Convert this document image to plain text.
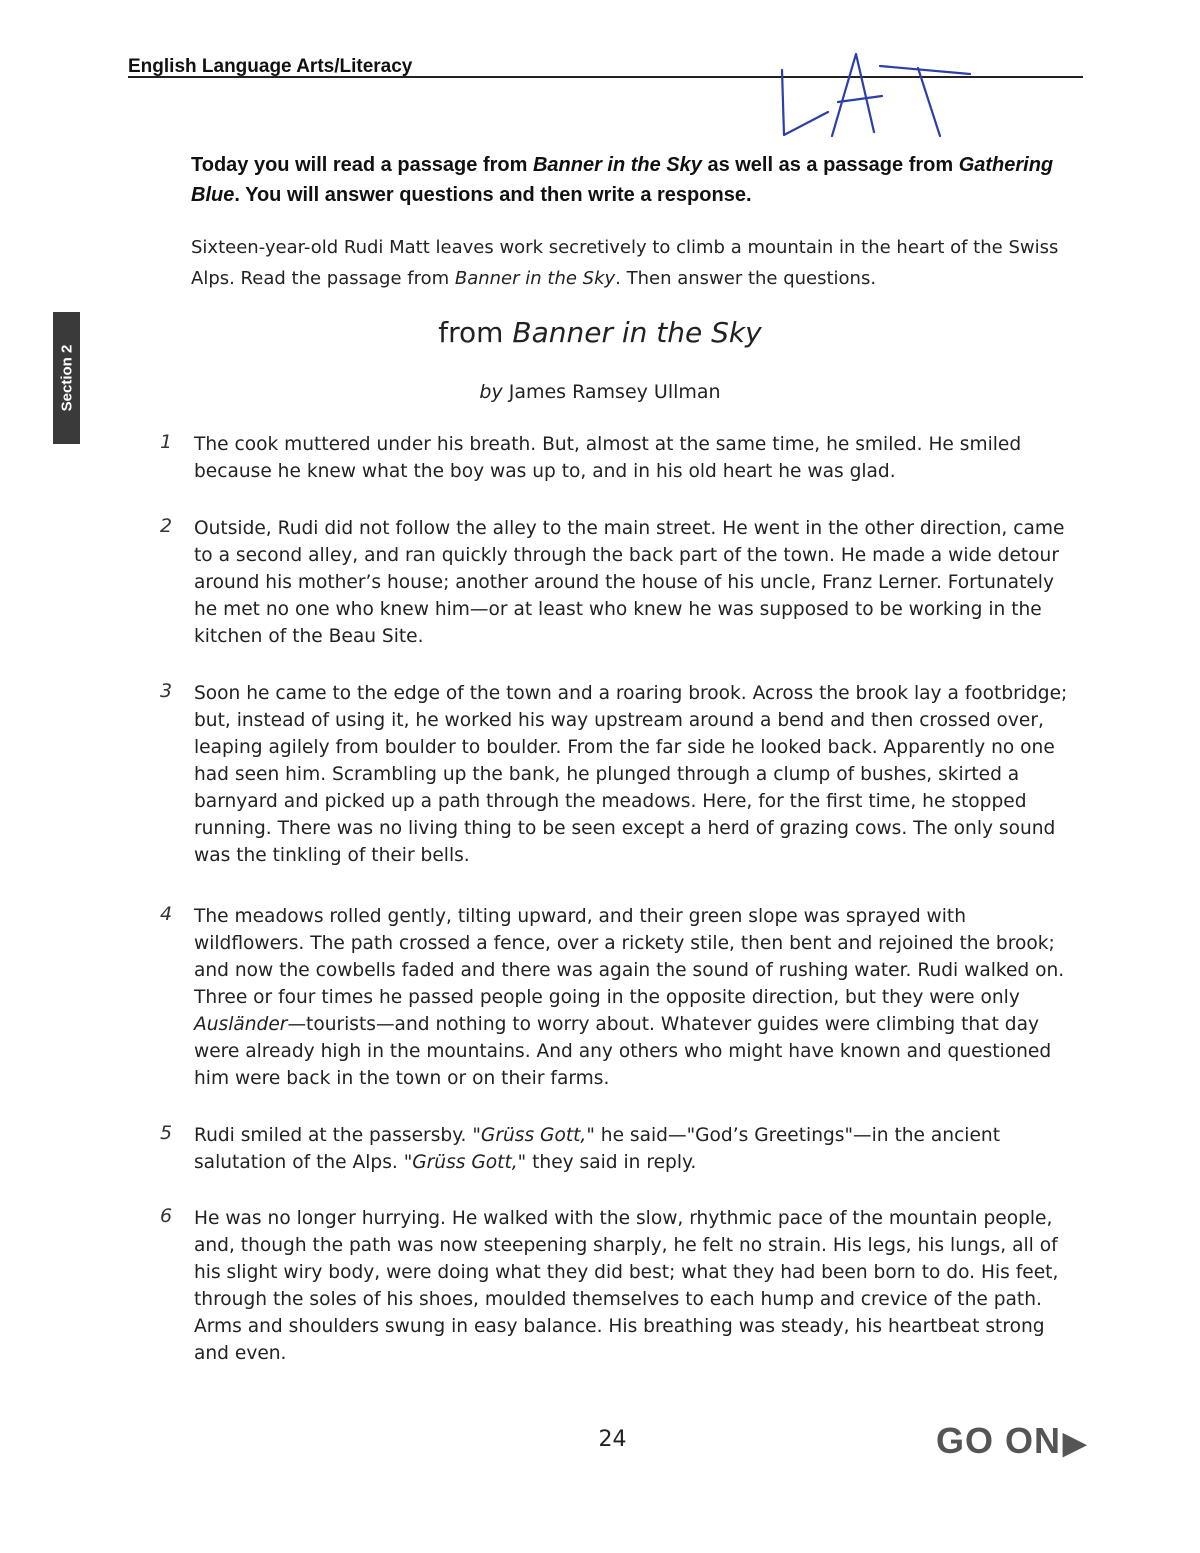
English Language Arts/Literacy
Section 2
Today you will read a passage from Banner in the Sky as well as a passage from Gathering Blue. You will answer questions and then write a response.
Sixteen-year-old Rudi Matt leaves work secretively to climb a mountain in the heart of the Swiss Alps. Read the passage from Banner in the Sky. Then answer the questions.
from Banner in the Sky
by James Ramsey Ullman
1 The cook muttered under his breath. But, almost at the same time, he smiled. He smiled because he knew what the boy was up to, and in his old heart he was glad.
2 Outside, Rudi did not follow the alley to the main street. He went in the other direction, came to a second alley, and ran quickly through the back part of the town. He made a wide detour around his mother’s house; another around the house of his uncle, Franz Lerner. Fortunately he met no one who knew him—or at least who knew he was supposed to be working in the kitchen of the Beau Site.
3 Soon he came to the edge of the town and a roaring brook. Across the brook lay a footbridge; but, instead of using it, he worked his way upstream around a bend and then crossed over, leaping agilely from boulder to boulder. From the far side he looked back. Apparently no one had seen him. Scrambling up the bank, he plunged through a clump of bushes, skirted a barnyard and picked up a path through the meadows. Here, for the first time, he stopped running. There was no living thing to be seen except a herd of grazing cows. The only sound was the tinkling of their bells.
4 The meadows rolled gently, tilting upward, and their green slope was sprayed with wildflowers. The path crossed a fence, over a rickety stile, then bent and rejoined the brook; and now the cowbells faded and there was again the sound of rushing water. Rudi walked on. Three or four times he passed people going in the opposite direction, but they were only Ausländer—tourists—and nothing to worry about. Whatever guides were climbing that day were already high in the mountains. And any others who might have known and questioned him were back in the town or on their farms.
5 Rudi smiled at the passersby. "Grüss Gott," he said—"God’s Greetings"—in the ancient salutation of the Alps. "Grüss Gott," they said in reply.
6 He was no longer hurrying. He walked with the slow, rhythmic pace of the mountain people, and, though the path was now steepening sharply, he felt no strain. His legs, his lungs, all of his slight wiry body, were doing what they did best; what they had been born to do. His feet, through the soles of his shoes, moulded themselves to each hump and crevice of the path. Arms and shoulders swung in easy balance. His breathing was steady, his heartbeat strong and even.
24	GO ON▶
